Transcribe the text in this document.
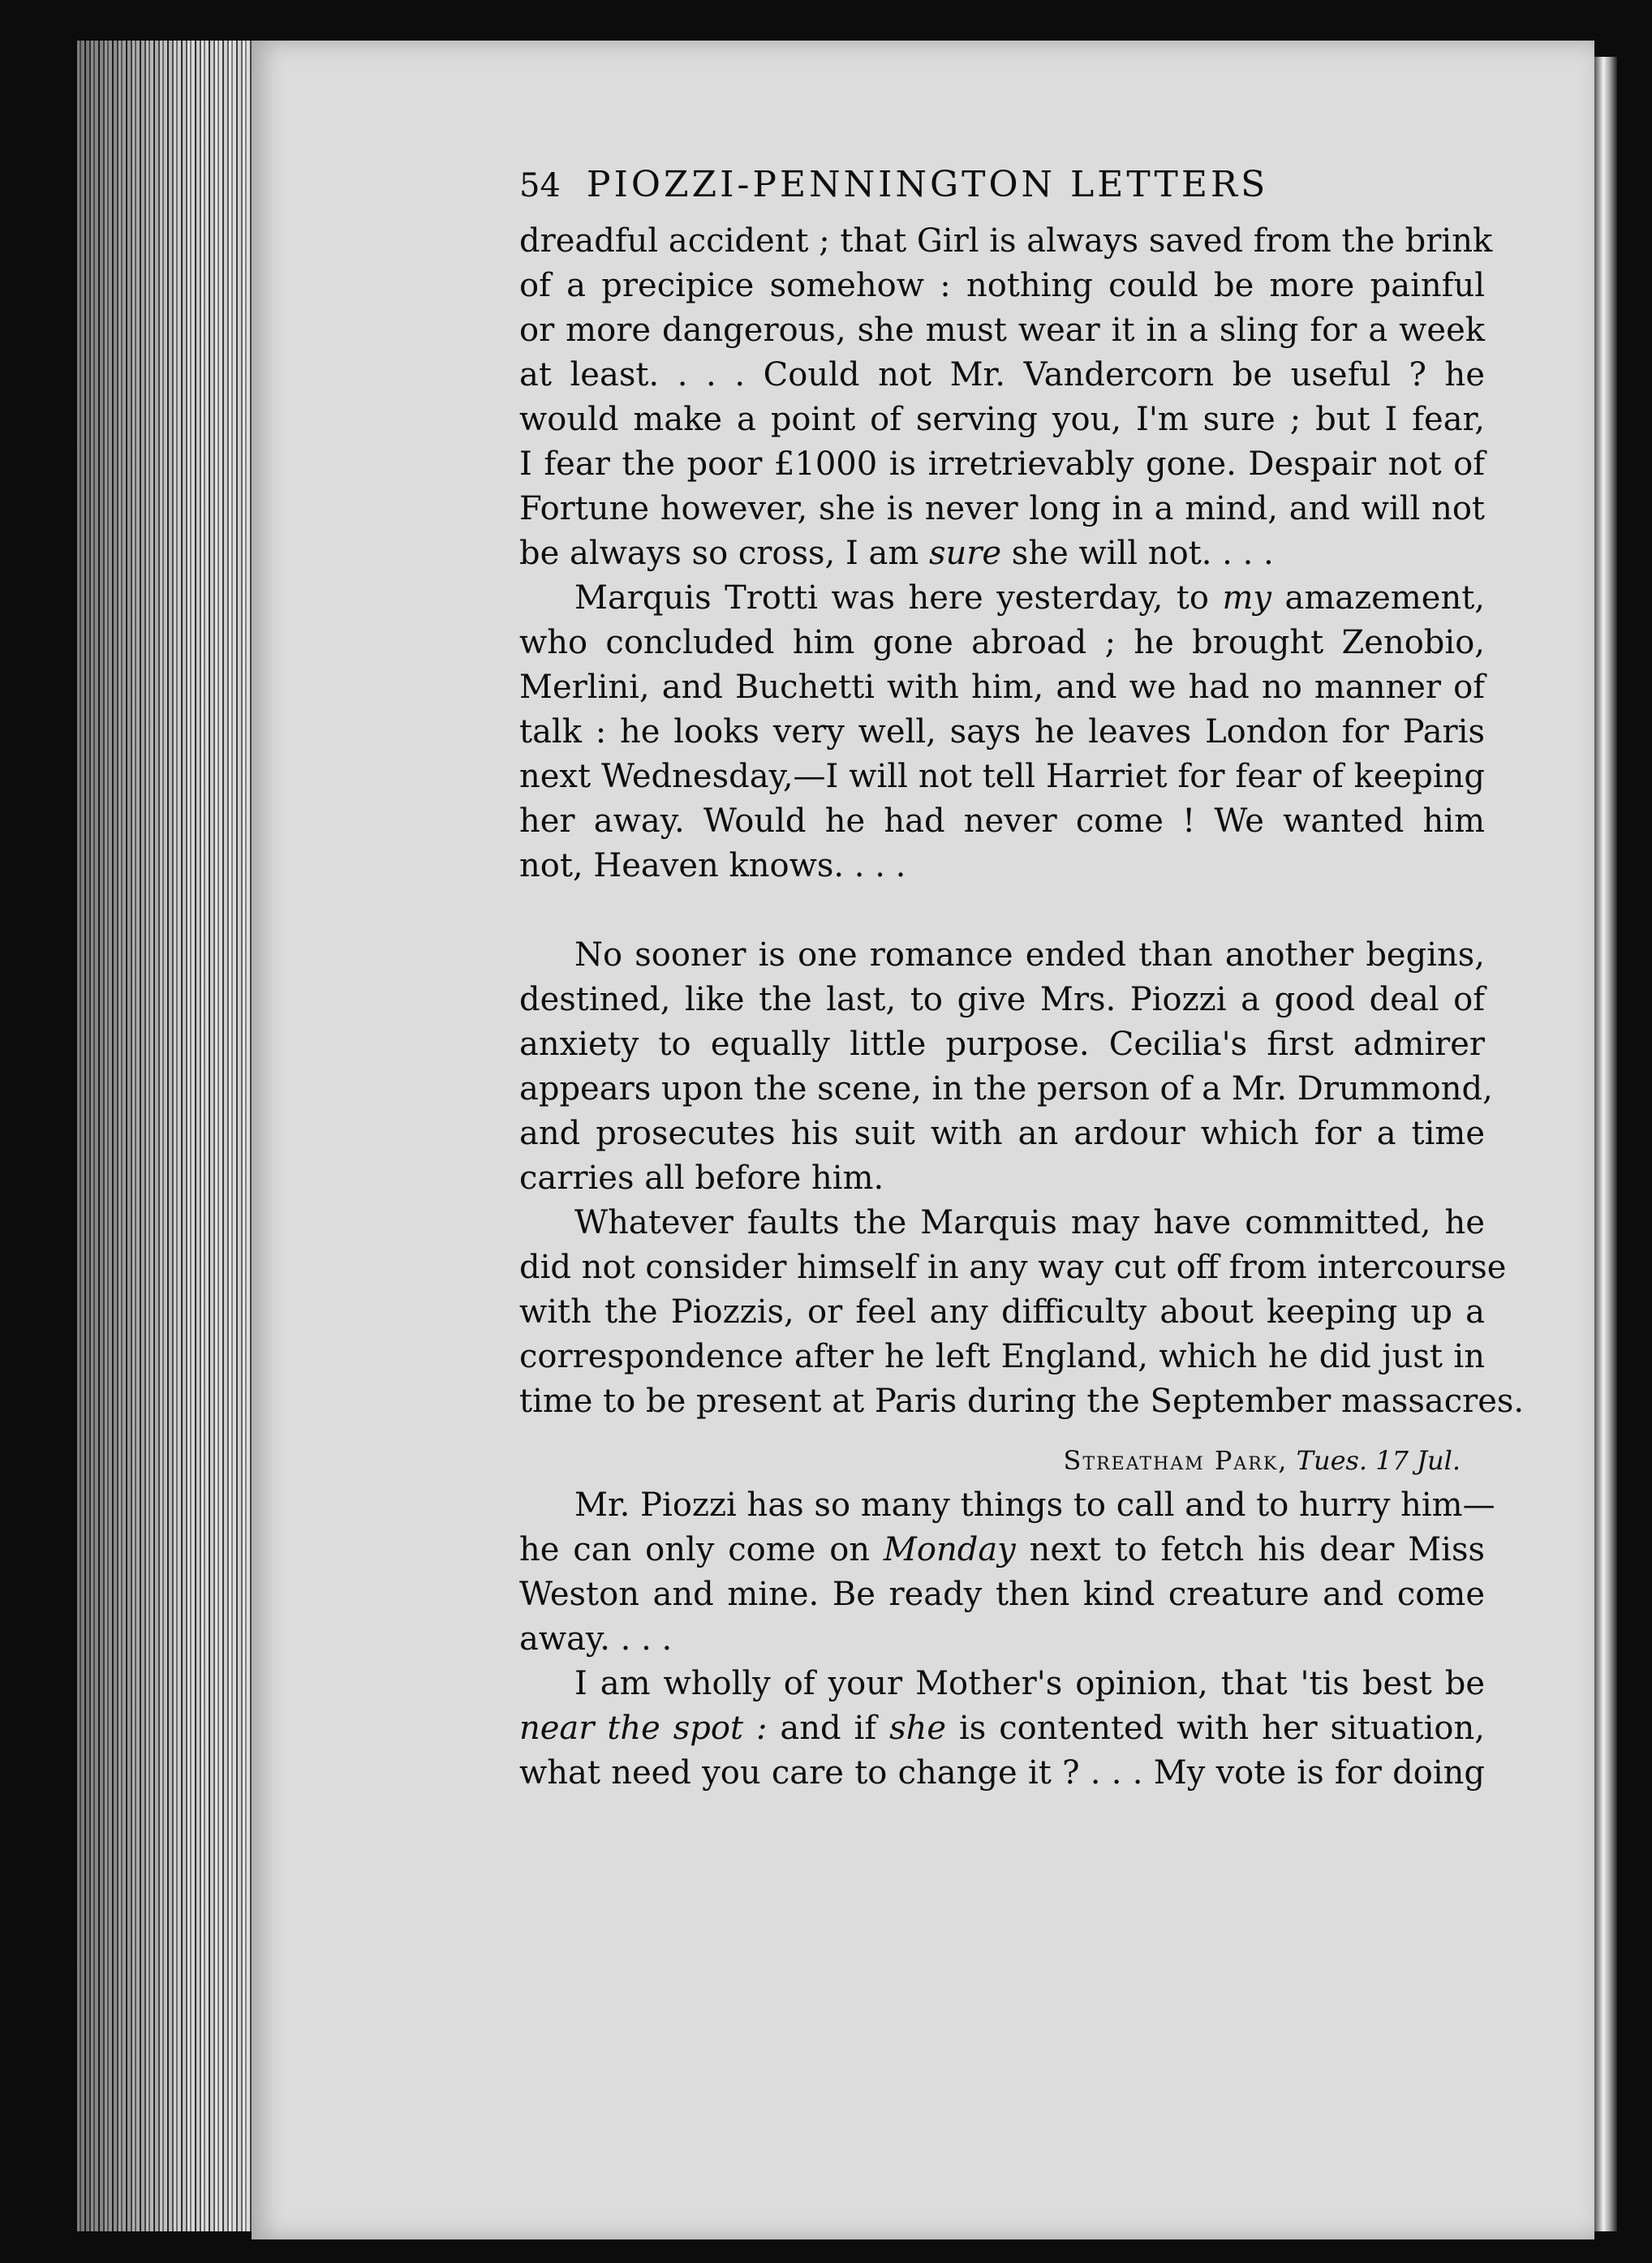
54 PIOZZI-PENNINGTON LETTERS
dreadful accident ; that Girl is always saved from the brink
of a precipice somehow : nothing could be more painful
or more dangerous, she must wear it in a sling for a week
at least. . . . Could not Mr. Vandercorn be useful ? he
would make a point of serving you, I'm sure ; but I fear,
I fear the poor £1000 is irretrievably gone. Despair not of
Fortune however, she is never long in a mind, and will not
be always so cross, I am sure she will not. . . .
Marquis Trotti was here yesterday, to my amazement,
who concluded him gone abroad ; he brought Zenobio,
Merlini, and Buchetti with him, and we had no manner of
talk : he looks very well, says he leaves London for Paris
next Wednesday,—I will not tell Harriet for fear of keeping
her away. Would he had never come ! We wanted him
not, Heaven knows. . . .
No sooner is one romance ended than another begins,
destined, like the last, to give Mrs. Piozzi a good deal of
anxiety to equally little purpose. Cecilia's first admirer
appears upon the scene, in the person of a Mr. Drummond,
and prosecutes his suit with an ardour which for a time
carries all before him.
Whatever faults the Marquis may have committed, he
did not consider himself in any way cut off from intercourse
with the Piozzis, or feel any difficulty about keeping up a
correspondence after he left England, which he did just in
time to be present at Paris during the September massacres.
Streatham Park, Tues. 17 Jul.
Mr. Piozzi has so many things to call and to hurry him—
he can only come on Monday next to fetch his dear Miss
Weston and mine. Be ready then kind creature and come
away. . . .
I am wholly of your Mother's opinion, that 'tis best be
near the spot : and if she is contented with her situation,
what need you care to change it ? . . . My vote is for doing
